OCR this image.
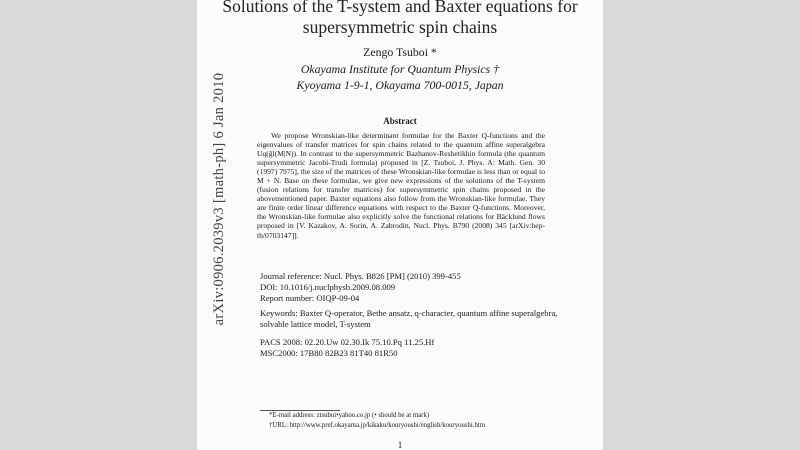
arXiv:0906.2039v3 [math-ph] 6 Jan 2010
Solutions of the T-system and Baxter equations for
supersymmetric spin chains
Zengo Tsuboi *
Okayama Institute for Quantum Physics †
Kyoyama 1-9-1, Okayama 700-0015, Japan
Abstract

We propose Wronskian-like determinant formulae for the Baxter Q-functions and the eigenvalues of transfer matrices for spin chains related to the quantum affine superalgebra Uq(ĝl(M|N)). In contrast to the supersymmetric Bazhanov-Reshetikhin formula (the quantum supersymmetric Jacobi-Trudi formula) proposed in [Z. Tsuboi, J. Phys. A: Math. Gen. 30 (1997) 7975], the size of the matrices of these Wronskian-like formulae is less than or equal to M + N. Base on these formulae, we give new expressions of the solutions of the T-system (fusion relations for transfer matrices) for supersymmetric spin chains proposed in the abovementioned paper. Baxter equations also follow from the Wronskian-like formulae. They are finite order linear difference equations with respect to the Baxter Q-functions. Moreover, the Wronskian-like formulae also explicitly solve the functional relations for Bäcklund flows proposed in [V. Kazakov, A. Sorin, A. Zabrodin, Nucl. Phys. B790 (2008) 345 [arXiv:hep-th/0703147]].

Journal reference: Nucl. Phys. B826 [PM] (2010) 399-455
DOI: 10.1016/j.nuclphysb.2009.08.009
Report number: OIQP-09-04
Keywords: Baxter Q-operator, Bethe ansatz, q-character, quantum affine superalgebra,
solvable lattice model, T-system
PACS 2008: 02.20.Uw 02.30.Ik 75.10.Pq 11.25.Hf
MSC2000: 17B80 82B23 81T40 81R50
*E-mail address: ztsuboi•yahoo.co.jp (• should be at mark)
†URL: http://www.pref.okayama.jp/kikaku/kouryoushi/english/kouryoushi.htm
1
